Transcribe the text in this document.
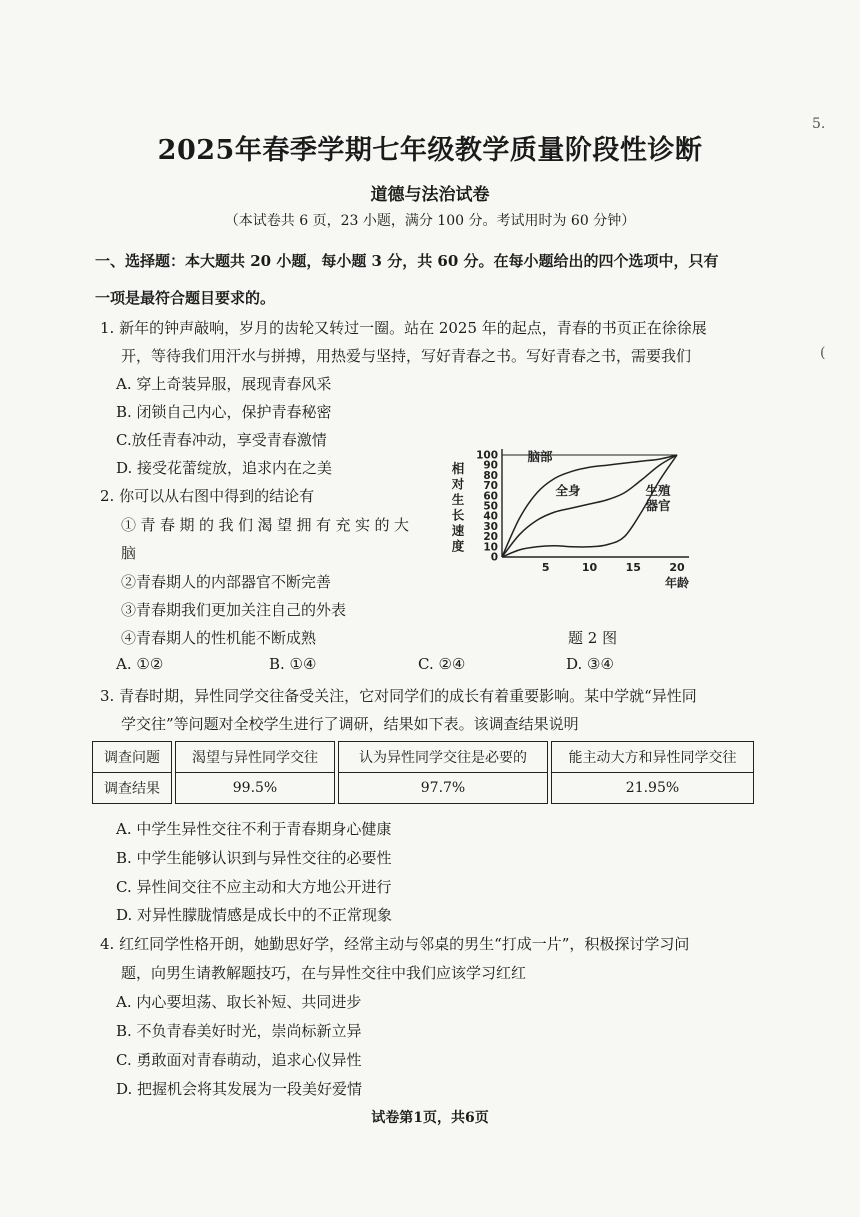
5.
(
2025年春季学期七年级教学质量阶段性诊断
道德与法治试卷
（本试卷共 6 页，23 小题，满分 100 分。考试用时为 60 分钟）
一、选择题：本大题共 20 小题，每小题 3 分，共 60 分。在每小题给出的四个选项中，只有
一项是最符合题目要求的。
1. 新年的钟声敲响，岁月的齿轮又转过一圈。站在 2025 年的起点，青春的书页正在徐徐展
开，等待我们用汗水与拼搏，用热爱与坚持，写好青春之书。写好青春之书，需要我们
A. 穿上奇装异服，展现青春风采
B. 闭锁自己内心，保护青春秘密
C.放任青春冲动，享受青春激情
D. 接受花蕾绽放，追求内在之美
2. 你可以从右图中得到的结论有
①青春期的我们渴望拥有充实的大
脑
②青春期人的内部器官不断完善
③青春期我们更加关注自己的外表
④青春期人的性机能不断成熟	题 2 图
A. ①②	B. ①④	C. ②④	D. ③④
0
10
20
30
40
50
60
70
80
90
100
5	10	15	20
年龄
相
对
生
长
速
度
脑部
全身	生殖
器官
3. 青春时期，异性同学交往备受关注，它对同学们的成长有着重要影响。某中学就“异性同
学交往”等问题对全校学生进行了调研，结果如下表。该调查结果说明
调查问题	渴望与异性同学交往	认为异性同学交往是必要的	能主动大方和异性同学交往
调查结果	99.5%	97.7%	21.95%
A. 中学生异性交往不利于青春期身心健康
B. 中学生能够认识到与异性交往的必要性
C. 异性间交往不应主动和大方地公开进行
D. 对异性朦胧情感是成长中的不正常现象
4. 红红同学性格开朗，她勤思好学，经常主动与邻桌的男生“打成一片”，积极探讨学习问
题，向男生请教解题技巧，在与异性交往中我们应该学习红红
A. 内心要坦荡、取长补短、共同进步
B. 不负青春美好时光，崇尚标新立异
C. 勇敢面对青春萌动，追求心仪异性
D. 把握机会将其发展为一段美好爱情
试卷第1页，共6页
